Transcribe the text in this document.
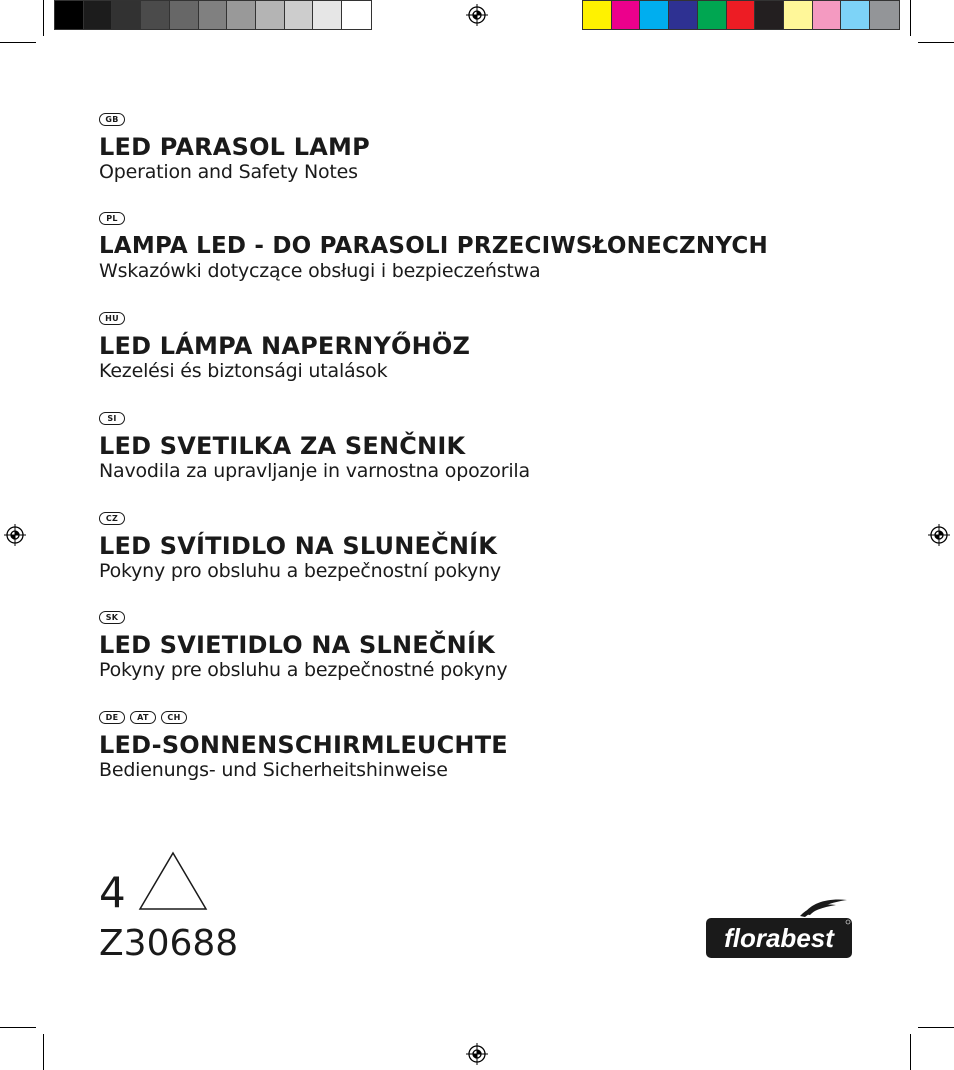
GB
LED PARASOL LAMP
Operation and Safety Notes
PL
LAMPA LED - DO PARASOLI PRZECIWSŁONECZNYCH
Wskazówki dotyczące obsługi i bezpieczeństwa
HU
LED LÁMPA NAPERNYŐHÖZ
Kezelési és biztonsági utalások
SI
LED SVETILKA ZA SENČNIK
Navodila za upravljanje in varnostna opozorila
CZ
LED SVÍTIDLO NA SLUNEČNÍK
Pokyny pro obsluhu a bezpečnostní pokyny
SK
LED SVIETIDLO NA SLNEČNÍK
Pokyny pre obsluhu a bezpečnostné pokyny
DE	AT	CH
LED-SONNENSCHIRMLEUCHTE
Bedienungs- und Sicherheitshinweise
4
Z30688	florabest
